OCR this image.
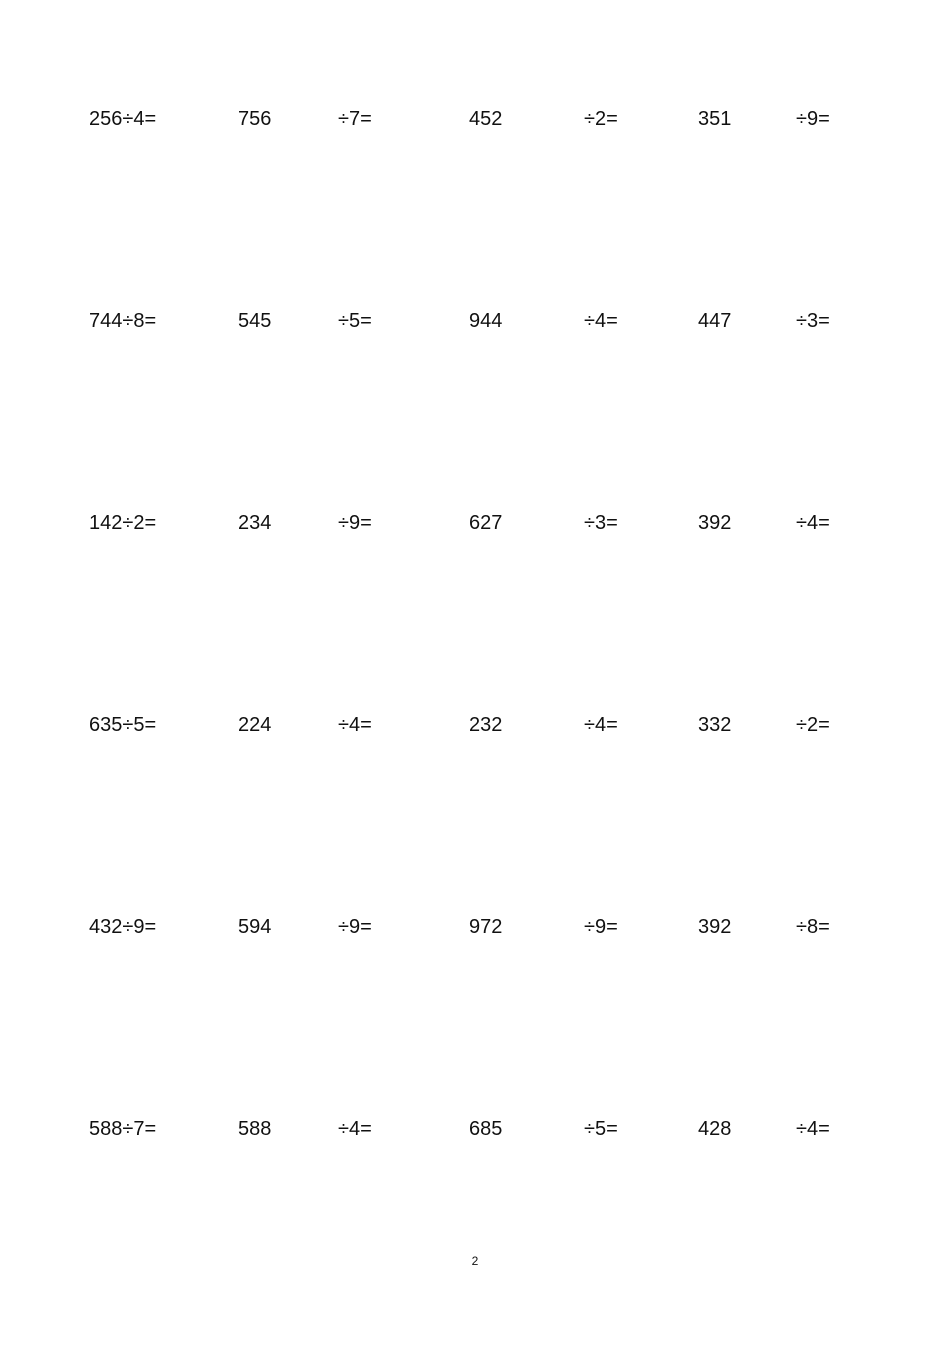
256÷4=	756	÷7=	452	÷2=	351	÷9=
744÷8=	545	÷5=	944	÷4=	447	÷3=
142÷2=	234	÷9=	627	÷3=	392	÷4=
635÷5=	224	÷4=	232	÷4=	332	÷2=
432÷9=	594	÷9=	972	÷9=	392	÷8=
588÷7=	588	÷4=	685	÷5=	428	÷4=
2
